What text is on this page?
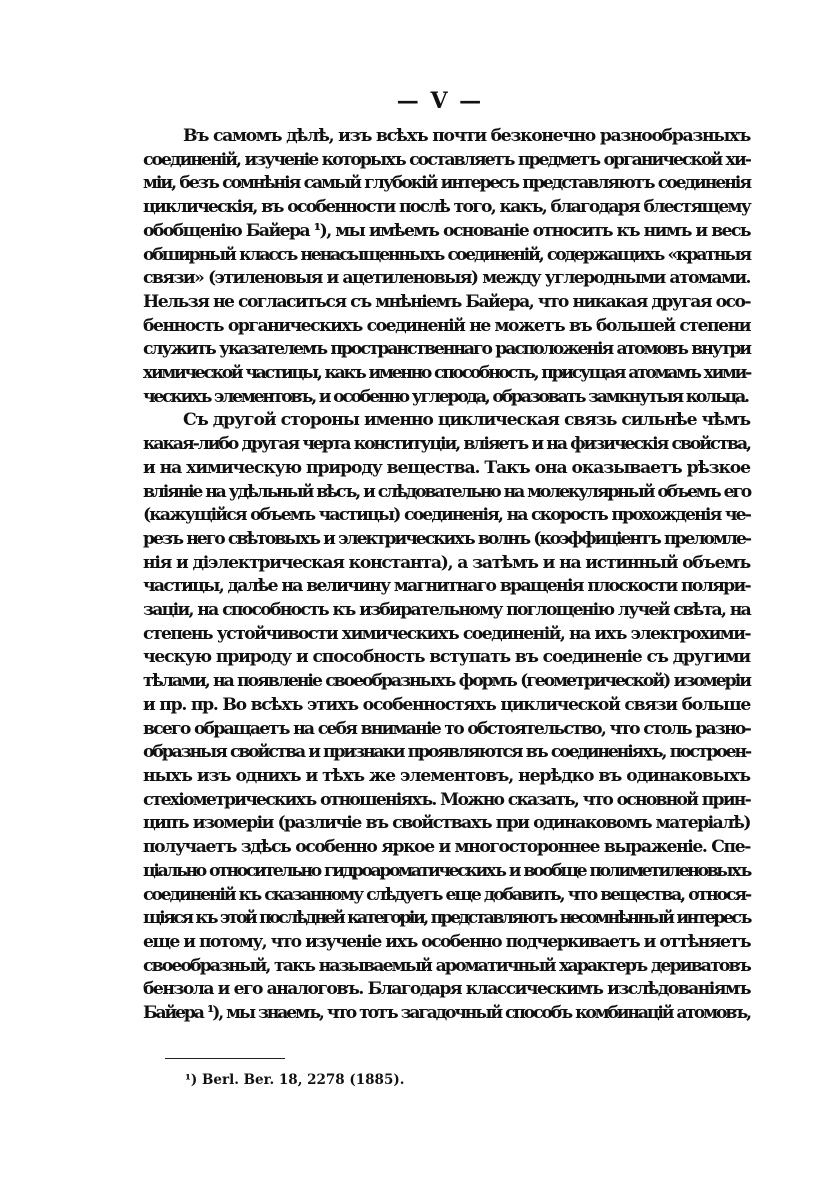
— V —
Въ самомъ дѣлѣ, изъ всѣхъ почти безконечно разнообразныхъ
соединеній, изученіе которыхъ составляетъ предметъ органической хи-
міи, безъ сомнѣнія самый глубокій интересъ представляютъ соединенія
циклическія, въ особенности послѣ того, какъ, благодаря блестящему
обобщенію Байера ¹), мы имѣемъ основаніе относить къ нимъ и весь
обширный классъ ненасыщенныхъ соединеній, содержащихъ «кратныя
связи» (этиленовыя и ацетиленовыя) между углеродными атомами.
Нельзя не согласиться съ мнѣніемъ Байера, что никакая другая осо-
бенность органическихъ соединеній не можетъ въ большей степени
служить указателемъ пространственнаго расположенія атомовъ внутри
химической частицы, какъ именно способность, присущая атомамъ хими-
ческихъ элементовъ, и особенно углерода, образовать замкнутыя кольца.
Съ другой стороны именно циклическая связь сильнѣе чѣмъ
какая-либо другая черта конституціи, вліяетъ и на физическія свойства,
и на химическую природу вещества. Такъ она оказываетъ рѣзкое
вліяніе на удѣльный вѣсъ, и слѣдовательно на молекулярный объемъ его
(кажущійся объемъ частицы) соединенія, на скорость прохожденія че-
резъ него свѣтовыхъ и электрическихъ волнъ (коэффиціентъ преломле-
нія и діэлектрическая константа), а затѣмъ и на истинный объемъ
частицы, далѣе на величину магнитнаго вращенія плоскости поляри-
заціи, на способность къ избирательному поглощенію лучей свѣта, на
степень устойчивости химическихъ соединеній, на ихъ электрохими-
ческую природу и способность вступать въ соединеніе съ другими
тѣлами, на появленіе своеобразныхъ формъ (геометрической) изомеріи
и пр. пр. Во всѣхъ этихъ особенностяхъ циклической связи больше
всего обращаетъ на себя вниманіе то обстоятельство, что столь разно-
образныя свойства и признаки проявляются въ соединеніяхъ, построен-
ныхъ изъ однихъ и тѣхъ же элементовъ, нерѣдко въ одинаковыхъ
стехіометрическихъ отношеніяхъ. Можно сказать, что основной прин-
ципъ изомеріи (различіе въ свойствахъ при одинаковомъ матеріалѣ)
получаетъ здѣсь особенно яркое и многостороннее выраженіе. Спе-
ціально относительно гидроароматическихъ и вообще полиметиленовыхъ
соединеній къ сказанному слѣдуетъ еще добавить, что вещества, относя-
щіяся къ этой послѣдней категоріи, представляютъ несомнѣнный интересъ
еще и потому, что изученіе ихъ особенно подчеркиваетъ и оттѣняетъ
своеобразный, такъ называемый ароматичный характеръ дериватовъ
бензола и его аналоговъ. Благодаря классическимъ изслѣдованіямъ
Байера ¹), мы знаемъ, что тотъ загадочный способъ комбинацій атомовъ,
¹) Berl. Ber. 18, 2278 (1885).
